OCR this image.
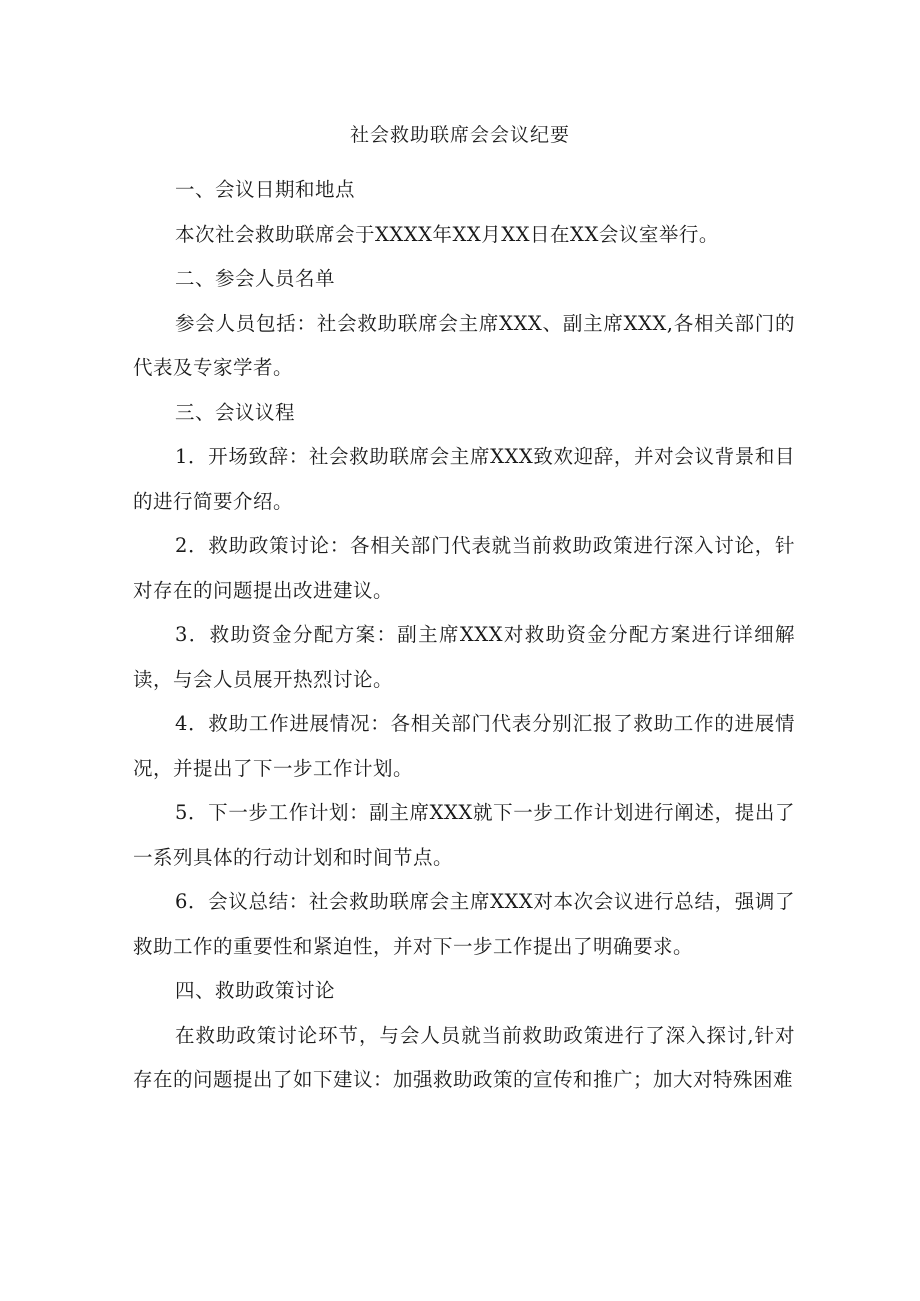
社会救助联席会会议纪要

一、会议日期和地点

本次社会救助联席会于XXXX年XX月XX日在XX会议室举行。

二、参会人员名单

参会人员包括：社会救助联席会主席XXX、副主席XXX,各相关部门的代表及专家学者。

三、会议议程

1．开场致辞：社会救助联席会主席XXX致欢迎辞，并对会议背景和目的进行简要介绍。

2．救助政策讨论：各相关部门代表就当前救助政策进行深入讨论，针对存在的问题提出改进建议。

3．救助资金分配方案：副主席XXX对救助资金分配方案进行详细解读，与会人员展开热烈讨论。

4．救助工作进展情况：各相关部门代表分别汇报了救助工作的进展情况，并提出了下一步工作计划。

5．下一步工作计划：副主席XXX就下一步工作计划进行阐述，提出了一系列具体的行动计划和时间节点。

6．会议总结：社会救助联席会主席XXX对本次会议进行总结，强调了救助工作的重要性和紧迫性，并对下一步工作提出了明确要求。

四、救助政策讨论

在救助政策讨论环节，与会人员就当前救助政策进行了深入探讨,针对存在的问题提出了如下建议：加强救助政策的宣传和推广；加大对特殊困难
